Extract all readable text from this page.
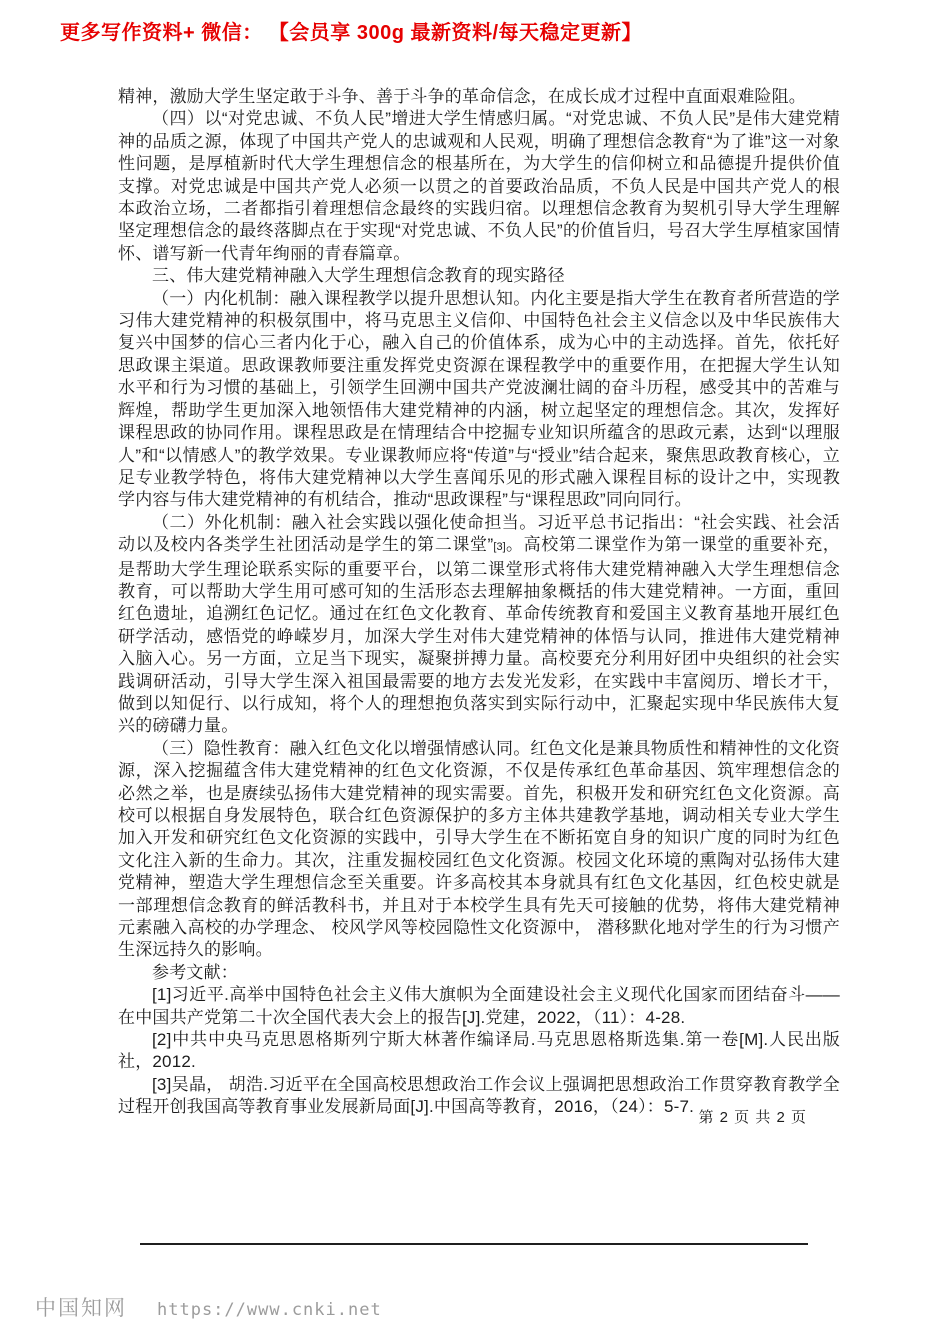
更多写作资料+ 微信： 【会员享 300g 最新资料/每天稳定更新】

精神，激励大学生坚定敢于斗争、善于斗争的革命信念，在成长成才过程中直面艰难险阻。

（四）以“对党忠诚、不负人民”增进大学生情感归属。“对党忠诚、不负人民”是伟大建党精神的品质之源，体现了中国共产党人的忠诚观和人民观，明确了理想信念教育“为了谁”这一对象性问题，是厚植新时代大学生理想信念的根基所在，为大学生的信仰树立和品德提升提供价值支撑。对党忠诚是中国共产党人必须一以贯之的首要政治品质，不负人民是中国共产党人的根本政治立场，二者都指引着理想信念最终的实践归宿。以理想信念教育为契机引导大学生理解坚定理想信念的最终落脚点在于实现“对党忠诚、不负人民”的价值旨归，号召大学生厚植家国情怀、谱写新一代青年绚丽的青春篇章。

三、伟大建党精神融入大学生理想信念教育的现实路径

（一）内化机制：融入课程教学以提升思想认知。内化主要是指大学生在教育者所营造的学习伟大建党精神的积极氛围中，将马克思主义信仰、中国特色社会主义信念以及中华民族伟大复兴中国梦的信心三者内化于心，融入自己的价值体系，成为心中的主动选择。首先，依托好思政课主渠道。思政课教师要注重发挥党史资源在课程教学中的重要作用，在把握大学生认知水平和行为习惯的基础上，引领学生回溯中国共产党波澜壮阔的奋斗历程，感受其中的苦难与辉煌，帮助学生更加深入地领悟伟大建党精神的内涵，树立起坚定的理想信念。其次，发挥好课程思政的协同作用。课程思政是在情理结合中挖掘专业知识所蕴含的思政元素，达到“以理服人”和“以情感人”的教学效果。专业课教师应将“传道”与“授业”结合起来，聚焦思政教育核心，立足专业教学特色，将伟大建党精神以大学生喜闻乐见的形式融入课程目标的设计之中，实现教学内容与伟大建党精神的有机结合，推动“思政课程”与“课程思政”同向同行。

（二）外化机制：融入社会实践以强化使命担当。习近平总书记指出：“社会实践、社会活动以及校内各类学生社团活动是学生的第二课堂”[3]。高校第二课堂作为第一课堂的重要补充，是帮助大学生理论联系实际的重要平台，以第二课堂形式将伟大建党精神融入大学生理想信念教育，可以帮助大学生用可感可知的生活形态去理解抽象概括的伟大建党精神。一方面，重回红色遗址，追溯红色记忆。通过在红色文化教育、革命传统教育和爱国主义教育基地开展红色研学活动，感悟党的峥嵘岁月，加深大学生对伟大建党精神的体悟与认同，推进伟大建党精神入脑入心。另一方面，立足当下现实，凝聚拼搏力量。高校要充分利用好团中央组织的社会实践调研活动，引导大学生深入祖国最需要的地方去发光发彩，在实践中丰富阅历、增长才干，做到以知促行、以行成知，将个人的理想抱负落实到实际行动中，汇聚起实现中华民族伟大复兴的磅礴力量。

（三）隐性教育：融入红色文化以增强情感认同。红色文化是兼具物质性和精神性的文化资源，深入挖掘蕴含伟大建党精神的红色文化资源，不仅是传承红色革命基因、筑牢理想信念的必然之举，也是赓续弘扬伟大建党精神的现实需要。首先，积极开发和研究红色文化资源。高校可以根据自身发展特色，联合红色资源保护的多方主体共建教学基地，调动相关专业大学生加入开发和研究红色文化资源的实践中，引导大学生在不断拓宽自身的知识广度的同时为红色文化注入新的生命力。其次，注重发掘校园红色文化资源。校园文化环境的熏陶对弘扬伟大建党精神，塑造大学生理想信念至关重要。许多高校其本身就具有红色文化基因，红色校史就是一部理想信念教育的鲜活教科书，并且对于本校学生具有先天可接触的优势，将伟大建党精神元素融入高校的办学理念、 校风学风等校园隐性文化资源中， 潜移默化地对学生的行为习惯产生深远持久的影响。

参考文献：

[1]习近平.高举中国特色社会主义伟大旗帜为全面建设社会主义现代化国家而团结奋斗——在中国共产党第二十次全国代表大会上的报告[J].党建，2022，（11）：4-28.

[2]中共中央马克思恩格斯列宁斯大林著作编译局.马克思恩格斯选集.第一卷[M].人民出版社，2012.

[3]吴晶， 胡浩.习近平在全国高校思想政治工作会议上强调把思想政治工作贯穿教育教学全过程开创我国高等教育事业发展新局面[J].中国高等教育，2016，（24）：5-7.

第 2 页 共 2 页
中国知网 https://www.cnki.net
